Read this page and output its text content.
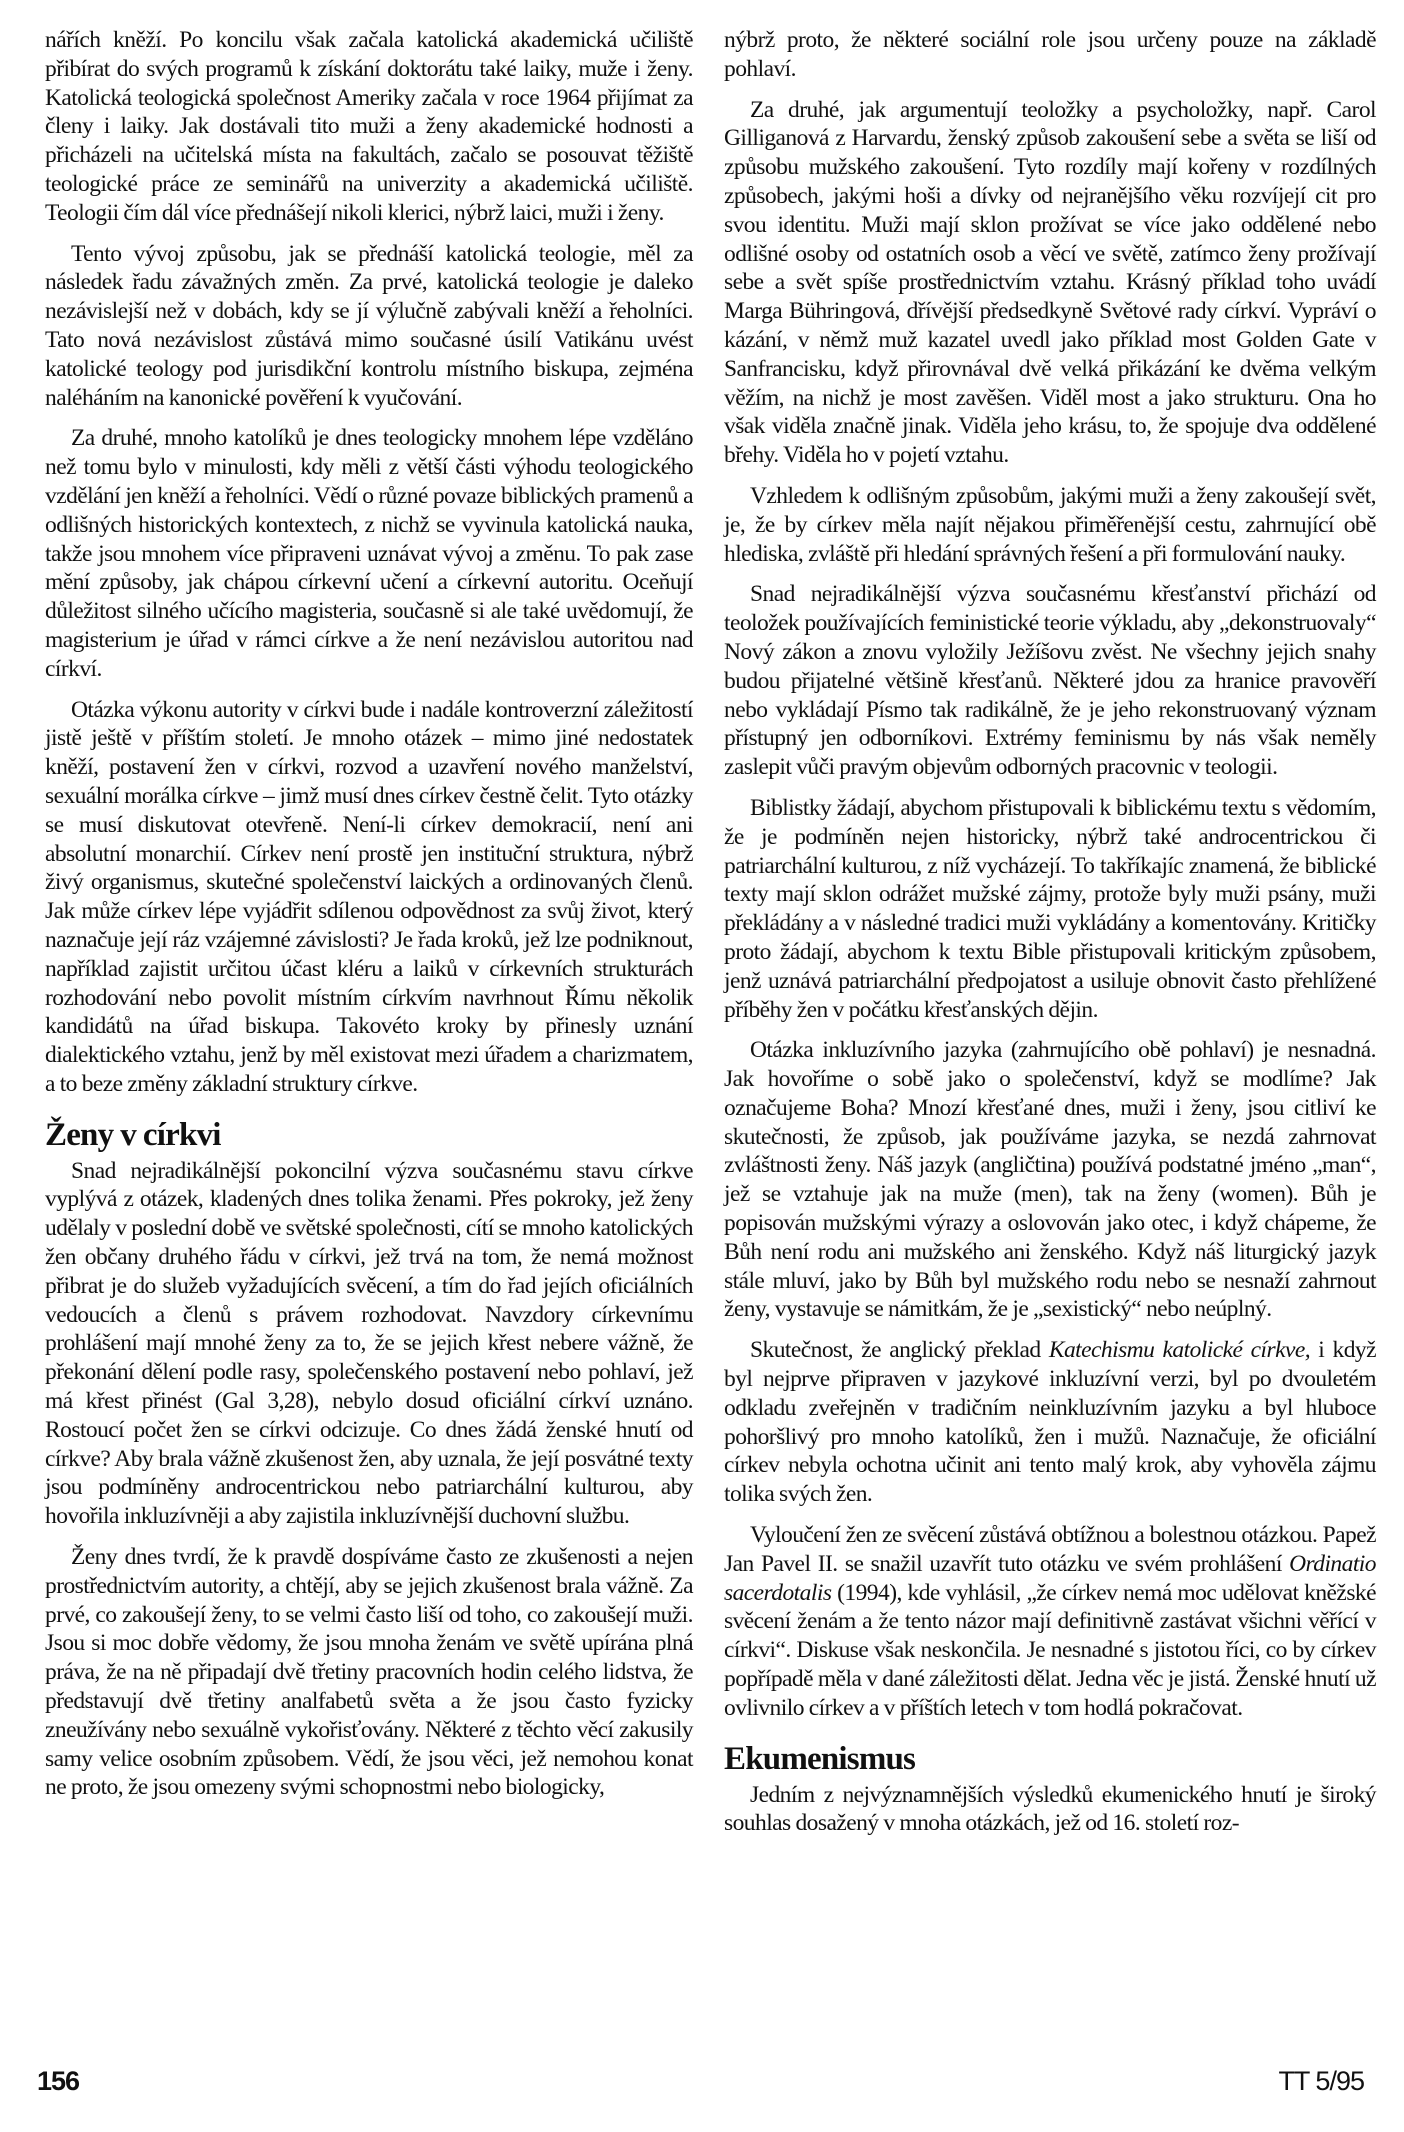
nářích kněží. Po koncilu však začala katolická akademická učiliště přibírat do svých programů k získání doktorátu také laiky, muže i ženy. Katolická teologická společnost Ameriky začala v roce 1964 přijímat za členy i laiky. Jak dostávali tito muži a ženy akademické hodnosti a přicházeli na učitelská místa na fakultách, začalo se posouvat těžiště teologické práce ze seminářů na univerzity a akademická učiliště. Teologii čím dál více přednášejí nikoli klerici, nýbrž laici, muži i ženy.

Tento vývoj způsobu, jak se přednáší katolická teologie, měl za následek řadu závažných změn. Za prvé, katolická teologie je daleko nezávislejší než v dobách, kdy se jí výlučně zabývali kněží a řeholníci. Tato nová nezávislost zůstává mimo současné úsilí Vatikánu uvést katolické teology pod jurisdikční kontrolu místního biskupa, zejména naléháním na kanonické pověření k vyučování.

Za druhé, mnoho katolíků je dnes teologicky mnohem lépe vzděláno než tomu bylo v minulosti, kdy měli z větší části výhodu teologického vzdělání jen kněží a řeholníci. Vědí o různé povaze biblických pramenů a odlišných historických kontextech, z nichž se vyvinula katolická nauka, takže jsou mnohem více připraveni uznávat vývoj a změnu. To pak zase mění způsoby, jak chápou církevní učení a církevní autoritu. Oceňují důležitost silného učícího magisteria, současně si ale také uvědomují, že magisterium je úřad v rámci církve a že není nezávislou autoritou nad církví.

Otázka výkonu autority v církvi bude i nadále kontroverzní záležitostí jistě ještě v příštím století. Je mnoho otázek – mimo jiné nedostatek kněží, postavení žen v církvi, rozvod a uzavření nového manželství, sexuální morálka církve – jimž musí dnes církev čestně čelit. Tyto otázky se musí diskutovat otevřeně. Není-li církev demokracií, není ani absolutní monarchií. Církev není prostě jen instituční struktura, nýbrž živý organismus, skutečné společenství laických a ordinovaných členů. Jak může církev lépe vyjádřit sdílenou odpovědnost za svůj život, který naznačuje její ráz vzájemné závislosti? Je řada kroků, jež lze podniknout, například zajistit určitou účast kléru a laiků v církevních strukturách rozhodování nebo povolit místním církvím navrhnout Římu několik kandidátů na úřad biskupa. Takovéto kroky by přinesly uznání dialektického vztahu, jenž by měl existovat mezi úřadem a charizmatem, a to beze změny základní struktury církve.

Ženy v církvi

Snad nejradikálnější pokoncilní výzva současnému stavu církve vyplývá z otázek, kladených dnes tolika ženami. Přes pokroky, jež ženy udělaly v poslední době ve světské společnosti, cítí se mnoho katolických žen občany druhého řádu v církvi, jež trvá na tom, že nemá možnost přibrat je do služeb vyžadujících svěcení, a tím do řad jejích oficiálních vedoucích a členů s právem rozhodovat. Navzdory církevnímu prohlášení mají mnohé ženy za to, že se jejich křest nebere vážně, že překonání dělení podle rasy, společenského postavení nebo pohlaví, jež má křest přinést (Gal 3,28), nebylo dosud oficiální církví uznáno. Rostoucí počet žen se církvi odcizuje. Co dnes žádá ženské hnutí od církve? Aby brala vážně zkušenost žen, aby uznala, že její posvátné texty jsou podmíněny androcentrickou nebo patriarchální kulturou, aby hovořila inkluzívněji a aby zajistila inkluzívnější duchovní službu.

Ženy dnes tvrdí, že k pravdě dospíváme často ze zkušenosti a nejen prostřednictvím autority, a chtějí, aby se jejich zkušenost brala vážně. Za prvé, co zakoušejí ženy, to se velmi často liší od toho, co zakoušejí muži. Jsou si moc dobře vědomy, že jsou mnoha ženám ve světě upírána plná práva, že na ně připadají dvě třetiny pracovních hodin celého lidstva, že představují dvě třetiny analfabetů světa a že jsou často fyzicky zneužívány nebo sexuálně vykořisťovány. Některé z těchto věcí zakusily samy velice osobním způsobem. Vědí, že jsou věci, jež nemohou konat ne proto, že jsou omezeny svými schopnostmi nebo biologicky,

nýbrž proto, že některé sociální role jsou určeny pouze na základě pohlaví.

Za druhé, jak argumentují teoložky a psycholožky, např. Carol Gilliganová z Harvardu, ženský způsob zakoušení sebe a světa se liší od způsobu mužského zakoušení. Tyto rozdíly mají kořeny v rozdílných způsobech, jakými hoši a dívky od nejranějšího věku rozvíjejí cit pro svou identitu. Muži mají sklon prožívat se více jako oddělené nebo odlišné osoby od ostatních osob a věcí ve světě, zatímco ženy prožívají sebe a svět spíše prostřednictvím vztahu. Krásný příklad toho uvádí Marga Bühringová, dřívější předsedkyně Světové rady církví. Vypráví o kázání, v němž muž kazatel uvedl jako příklad most Golden Gate v Sanfrancisku, když přirovnával dvě velká přikázání ke dvěma velkým věžím, na nichž je most zavěšen. Viděl most a jako strukturu. Ona ho však viděla značně jinak. Viděla jeho krásu, to, že spojuje dva oddělené břehy. Viděla ho v pojetí vztahu.

Vzhledem k odlišným způsobům, jakými muži a ženy zakoušejí svět, je, že by církev měla najít nějakou přiměřenější cestu, zahrnující obě hlediska, zvláště při hledání správných řešení a při formulování nauky.

Snad nejradikálnější výzva současnému křesťanství přichází od teoložek používajících feministické teorie výkladu, aby „dekonstruovaly“ Nový zákon a znovu vyložily Ježíšovu zvěst. Ne všechny jejich snahy budou přijatelné většině křesťanů. Některé jdou za hranice pravověří nebo vykládají Písmo tak radikálně, že je jeho rekonstruovaný význam přístupný jen odborníkovi. Extrémy feminismu by nás však neměly zaslepit vůči pravým objevům odborných pracovnic v teologii.

Biblistky žádají, abychom přistupovali k biblickému textu s vědomím, že je podmíněn nejen historicky, nýbrž také androcentrickou či patriarchální kulturou, z níž vycházejí. To takříkajíc znamená, že biblické texty mají sklon odrážet mužské zájmy, protože byly muži psány, muži překládány a v následné tradici muži vykládány a komentovány. Kritičky proto žádají, abychom k textu Bible přistupovali kritickým způsobem, jenž uznává patriarchální předpojatost a usiluje obnovit často přehlížené příběhy žen v počátku křesťanských dějin.

Otázka inkluzívního jazyka (zahrnujícího obě pohlaví) je nesnadná. Jak hovoříme o sobě jako o společenství, když se modlíme? Jak označujeme Boha? Mnozí křesťané dnes, muži i ženy, jsou citliví ke skutečnosti, že způsob, jak používáme jazyka, se nezdá zahrnovat zvláštnosti ženy. Náš jazyk (angličtina) používá podstatné jméno „man“, jež se vztahuje jak na muže (men), tak na ženy (women). Bůh je popisován mužskými výrazy a oslovován jako otec, i když chápeme, že Bůh není rodu ani mužského ani ženského. Když náš liturgický jazyk stále mluví, jako by Bůh byl mužského rodu nebo se nesnaží zahrnout ženy, vystavuje se námitkám, že je „sexistický“ nebo neúplný.

Skutečnost, že anglický překlad Katechismu katolické církve, i když byl nejprve připraven v jazykové inkluzívní verzi, byl po dvouletém odkladu zveřejněn v tradičním neinkluzívním jazyku a byl hluboce pohoršlivý pro mnoho katolíků, žen i mužů. Naznačuje, že oficiální církev nebyla ochotna učinit ani tento malý krok, aby vyhověla zájmu tolika svých žen.

Vyloučení žen ze svěcení zůstává obtížnou a bolestnou otázkou. Papež Jan Pavel II. se snažil uzavřít tuto otázku ve svém prohlášení Ordinatio sacerdotalis (1994), kde vyhlásil, „že církev nemá moc udělovat kněžské svěcení ženám a že tento názor mají definitivně zastávat všichni věřící v církvi“. Diskuse však neskončila. Je nesnadné s jistotou říci, co by církev popřípadě měla v dané záležitosti dělat. Jedna věc je jistá. Ženské hnutí už ovlivnilo církev a v příštích letech v tom hodlá pokračovat.

Ekumenismus

Jedním z nejvýznamnějších výsledků ekumenického hnutí je široký souhlas dosažený v mnoha otázkách, jež od 16. století roz-

156	TT 5/95
